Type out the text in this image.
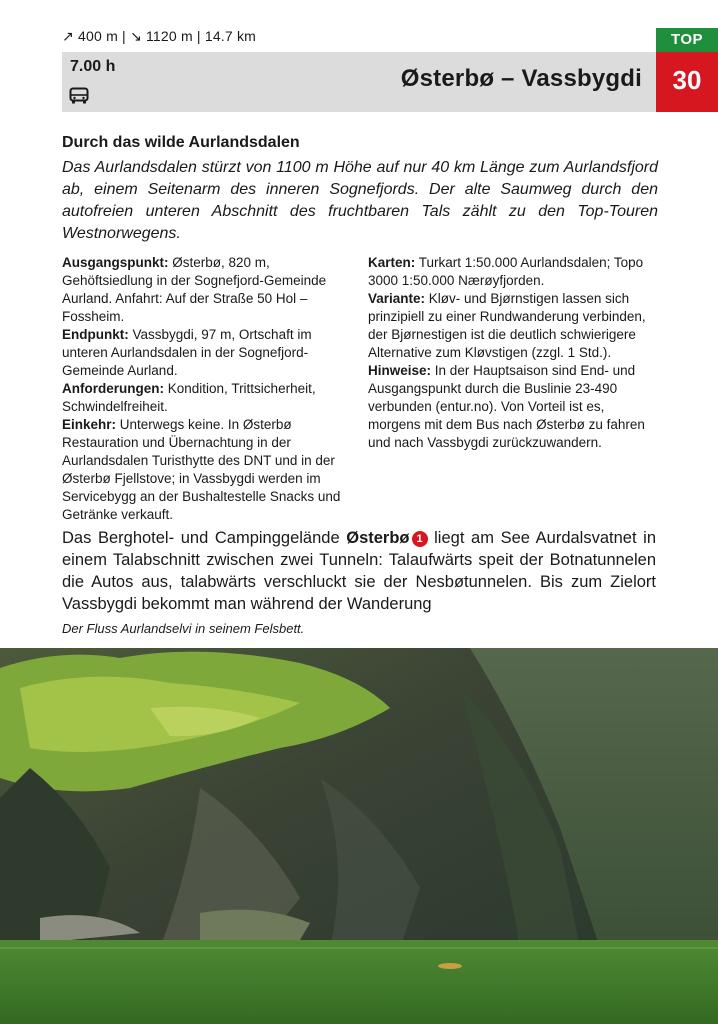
↗ 400 m | ↘ 1120 m | 14.7 km
7.00 h	Østerbø – Vassbygdi
TOP
30
Durch das wilde Aurlandsdalen

Das Aurlandsdalen stürzt von 1100 m Höhe auf nur 40 km Länge zum Aurlandsfjord ab, einem Seitenarm des inneren Sognefjords. Der alte Saumweg durch den autofreien unteren Abschnitt des fruchtbaren Tals zählt zu den Top-Touren Westnorwegens.

Ausgangspunkt: Østerbø, 820 m, Gehöftsiedlung in der Sognefjord-Gemeinde Aurland. Anfahrt: Auf der Straße 50 Hol – Fossheim.

Endpunkt: Vassbygdi, 97 m, Ortschaft im unteren Aurlandsdalen in der Sognefjord-Gemeinde Aurland.

Anforderungen: Kondition, Trittsicherheit, Schwindelfreiheit.

Einkehr: Unterwegs keine. In Østerbø Restauration und Übernachtung in der Aurlandsdalen Turisthytte des DNT und in der Østerbø Fjellstove; in Vassbygdi werden im Servicebygg an der Bushaltestelle Snacks und Getränke verkauft.

Karten: Turkart 1:50.000 Aurlandsdalen; Topo 3000 1:50.000 Nærøyfjorden.

Variante: Kløv- und Bjørnstigen lassen sich prinzipiell zu einer Rundwanderung verbinden, der Bjørnestigen ist die deutlich schwierigere Alternative zum Kløvstigen (zzgl. 1 Std.).

Hinweise: In der Hauptsaison sind End- und Ausgangspunkt durch die Buslinie 23-490 verbunden (entur.no). Von Vorteil ist es, morgens mit dem Bus nach Østerbø zu fahren und nach Vassbygdi zurückzuwandern.

Das Berghotel- und Campinggelände Østerbø 1 liegt am See Aurdalsvatnet in einem Talabschnitt zwischen zwei Tunneln: Talaufwärts speit der Botnatunnelen die Autos aus, talabwärts verschluckt sie der Nesbøtunnelen. Bis zum Zielort Vassbygdi bekommt man während der Wanderung

Der Fluss Aurlandselvi in seinem Felsbett.
